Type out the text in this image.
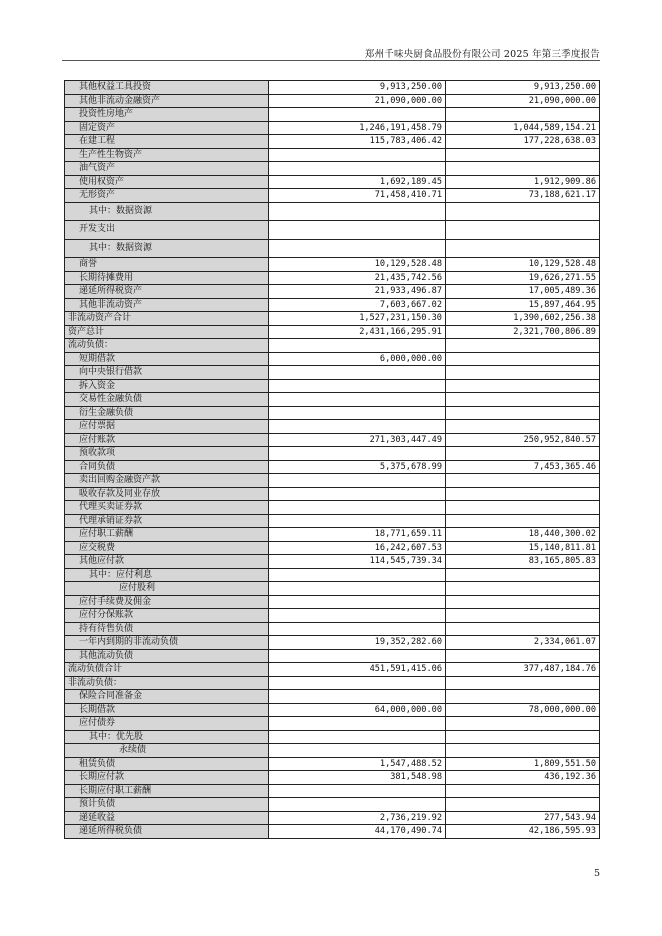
郑州千味央厨食品股份有限公司 2025 年第三季度报告
其他权益工具投资	9,913,250.00	9,913,250.00
其他非流动金融资产	21,090,000.00	21,090,000.00
投资性房地产		
固定资产	1,246,191,458.79	1,044,589,154.21
在建工程	115,783,406.42	177,228,638.03
生产性生物资产		
油气资产		
使用权资产	1,692,189.45	1,912,909.86
无形资产	71,458,410.71	73,188,621.17
其中：数据资源		
开发支出		
其中：数据资源		
商誉	10,129,528.48	10,129,528.48
长期待摊费用	21,435,742.56	19,626,271.55
递延所得税资产	21,933,496.87	17,005,489.36
其他非流动资产	7,603,667.02	15,897,464.95
非流动资产合计	1,527,231,150.30	1,390,602,256.38
资产总计	2,431,166,295.91	2,321,700,806.89
流动负债：		
短期借款	6,000,000.00	
向中央银行借款		
拆入资金		
交易性金融负债		
衍生金融负债		
应付票据		
应付账款	271,303,447.49	250,952,840.57
预收款项		
合同负债	5,375,678.99	7,453,365.46
卖出回购金融资产款		
吸收存款及同业存放		
代理买卖证券款		
代理承销证券款		
应付职工薪酬	18,771,659.11	18,440,300.02
应交税费	16,242,607.53	15,140,811.81
其他应付款	114,545,739.34	83,165,805.83
其中：应付利息		
应付股利		
应付手续费及佣金		
应付分保账款		
持有待售负债		
一年内到期的非流动负债	19,352,282.60	2,334,061.07
其他流动负债		
流动负债合计	451,591,415.06	377,487,184.76
非流动负债：		
保险合同准备金		
长期借款	64,000,000.00	78,000,000.00
应付债券		
其中：优先股		
永续债		
租赁负债	1,547,488.52	1,809,551.50
长期应付款	381,548.98	436,192.36
长期应付职工薪酬		
预计负债		
递延收益	2,736,219.92	277,543.94
递延所得税负债	44,170,490.74	42,186,595.93
5
